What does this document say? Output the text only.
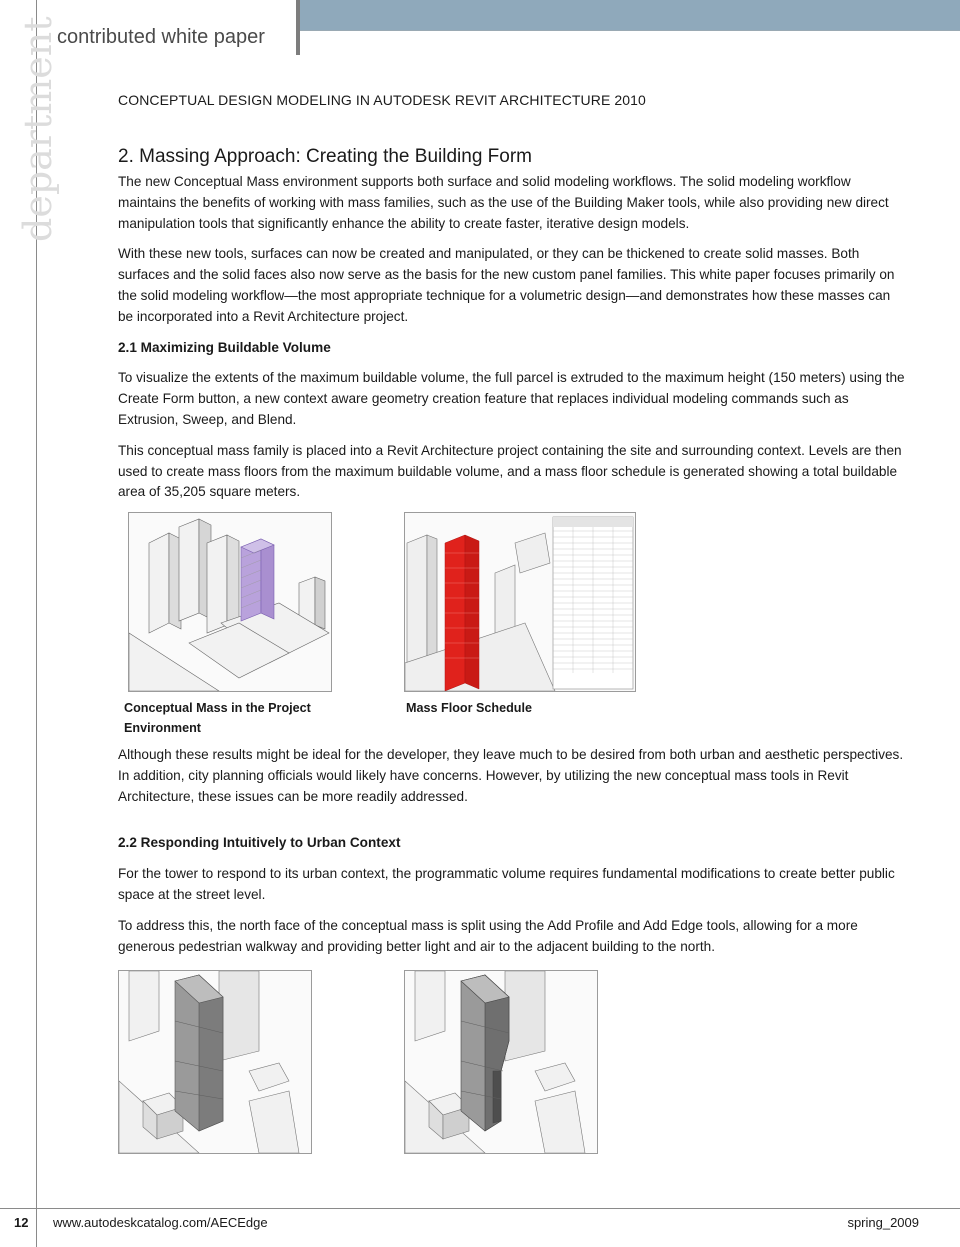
department
contributed white paper
CONCEPTUAL DESIGN MODELING IN AUTODESK REVIT ARCHITECTURE 2010
2. Massing Approach: Creating the Building Form

The new Conceptual Mass environment supports both surface and solid modeling workflows. The solid modeling workflow maintains the benefits of working with mass families, such as the use of the Building Maker tools, while also providing new direct manipulation tools that significantly enhance the ability to create faster, iterative design models.

With these new tools, surfaces can now be created and manipulated, or they can be thickened to create solid masses. Both surfaces and the solid faces also now serve as the basis for the new custom panel families. This white paper focuses primarily on the solid modeling workflow—the most appropriate technique for a volumetric design—and demonstrates how these masses can be incorporated into a Revit Architecture project.

2.1 Maximizing Buildable Volume

To visualize the extents of the maximum buildable volume, the full parcel is extruded to the maximum height (150 meters) using the Create Form button, a new context aware geometry creation feature that replaces individual modeling commands such as Extrusion, Sweep, and Blend.

This conceptual mass family is placed into a Revit Architecture project containing the site and surrounding context. Levels are then used to create mass floors from the maximum buildable volume, and a mass floor schedule is generated showing a total buildable area of 35,205 square meters.

Conceptual Mass in the Project Environment
Mass Floor Schedule

Although these results might be ideal for the developer, they leave much to be desired from both urban and aesthetic perspectives. In addition, city planning officials would likely have concerns. However, by utilizing the new conceptual mass tools in Revit Architecture, these issues can be more readily addressed.

2.2 Responding Intuitively to Urban Context

For the tower to respond to its urban context, the programmatic volume requires fundamental modifications to create better public space at the street level.

To address this, the north face of the conceptual mass is split using the Add Profile and Add Edge tools, allowing for a more generous pedestrian walkway and providing better light and air to the adjacent building to the north.

12 www.autodeskcatalog.com/AECEdge	spring_2009
